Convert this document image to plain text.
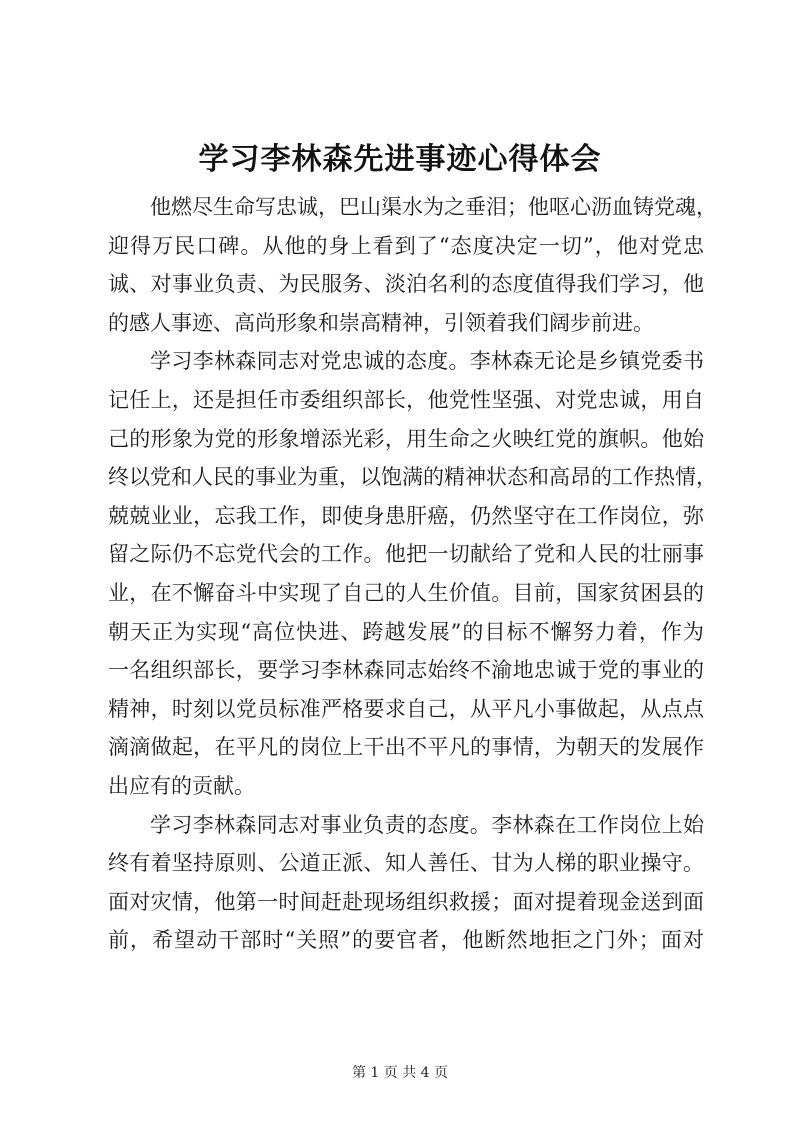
学习李林森先进事迹心得体会
他燃尽生命写忠诚，巴山渠水为之垂泪；他呕心沥血铸党魂，
迎得万民口碑。从他的身上看到了“态度决定一切”，他对党忠
诚、对事业负责、为民服务、淡泊名利的态度值得我们学习，他
的感人事迹、高尚形象和崇高精神，引领着我们阔步前进。
学习李林森同志对党忠诚的态度。李林森无论是乡镇党委书
记任上，还是担任市委组织部长，他党性坚强、对党忠诚，用自
己的形象为党的形象增添光彩，用生命之火映红党的旗帜。他始
终以党和人民的事业为重，以饱满的精神状态和高昂的工作热情，
兢兢业业，忘我工作，即使身患肝癌，仍然坚守在工作岗位，弥
留之际仍不忘党代会的工作。他把一切献给了党和人民的壮丽事
业，在不懈奋斗中实现了自己的人生价值。目前，国家贫困县的
朝天正为实现“高位快进、跨越发展”的目标不懈努力着，作为
一名组织部长，要学习李林森同志始终不渝地忠诚于党的事业的
精神，时刻以党员标准严格要求自己，从平凡小事做起，从点点
滴滴做起，在平凡的岗位上干出不平凡的事情，为朝天的发展作
出应有的贡献。
学习李林森同志对事业负责的态度。李林森在工作岗位上始
终有着坚持原则、公道正派、知人善任、甘为人梯的职业操守。
面对灾情，他第一时间赶赴现场组织救援；面对提着现金送到面
前，希望动干部时“关照”的要官者，他断然地拒之门外；面对
第 1 页 共 4 页
